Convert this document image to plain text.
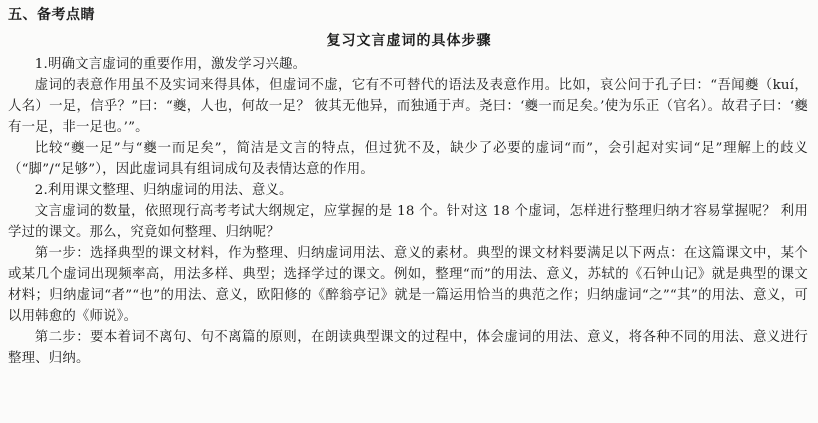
五、备考点睛
复习文言虚词的具体步骤

1.明确文言虚词的重要作用，激发学习兴趣。

虚词的表意作用虽不及实词来得具体，但虚词不虚，它有不可替代的语法及表意作用。比如，哀公问于孔子曰：“吾闻夔（kuí，人名）一足，信乎？”曰：“夔，人也，何故一足？ 彼其无他异，而独通于声。尧曰：‘夔一而足矣。’使为乐正（官名）。故君子曰：‘夔有一足，非一足也。’”。

比较“夔一足”与“夔一而足矣”，简洁是文言的特点，但过犹不及，缺少了必要的虚词“而”，会引起对实词“足”理解上的歧义（“脚”/“足够”），因此虚词具有组词成句及表情达意的作用。

2.利用课文整理、归纳虚词的用法、意义。

文言虚词的数量，依照现行高考考试大纲规定，应掌握的是 18 个。针对这 18 个虚词，怎样进行整理归纳才容易掌握呢？ 利用学过的课文。那么，究竟如何整理、归纳呢？

第一步：选择典型的课文材料，作为整理、归纳虚词用法、意义的素材。典型的课文材料要满足以下两点：在这篇课文中，某个或某几个虚词出现频率高，用法多样、典型；选择学过的课文。例如，整理“而”的用法、意义，苏轼的《石钟山记》就是典型的课文材料；归纳虚词“者”“也”的用法、意义，欧阳修的《醉翁亭记》就是一篇运用恰当的典范之作；归纳虚词“之”“其”的用法、意义，可以用韩愈的《师说》。

第二步：要本着词不离句、句不离篇的原则，在朗读典型课文的过程中，体会虚词的用法、意义，将各种不同的用法、意义进行整理、归纳。
